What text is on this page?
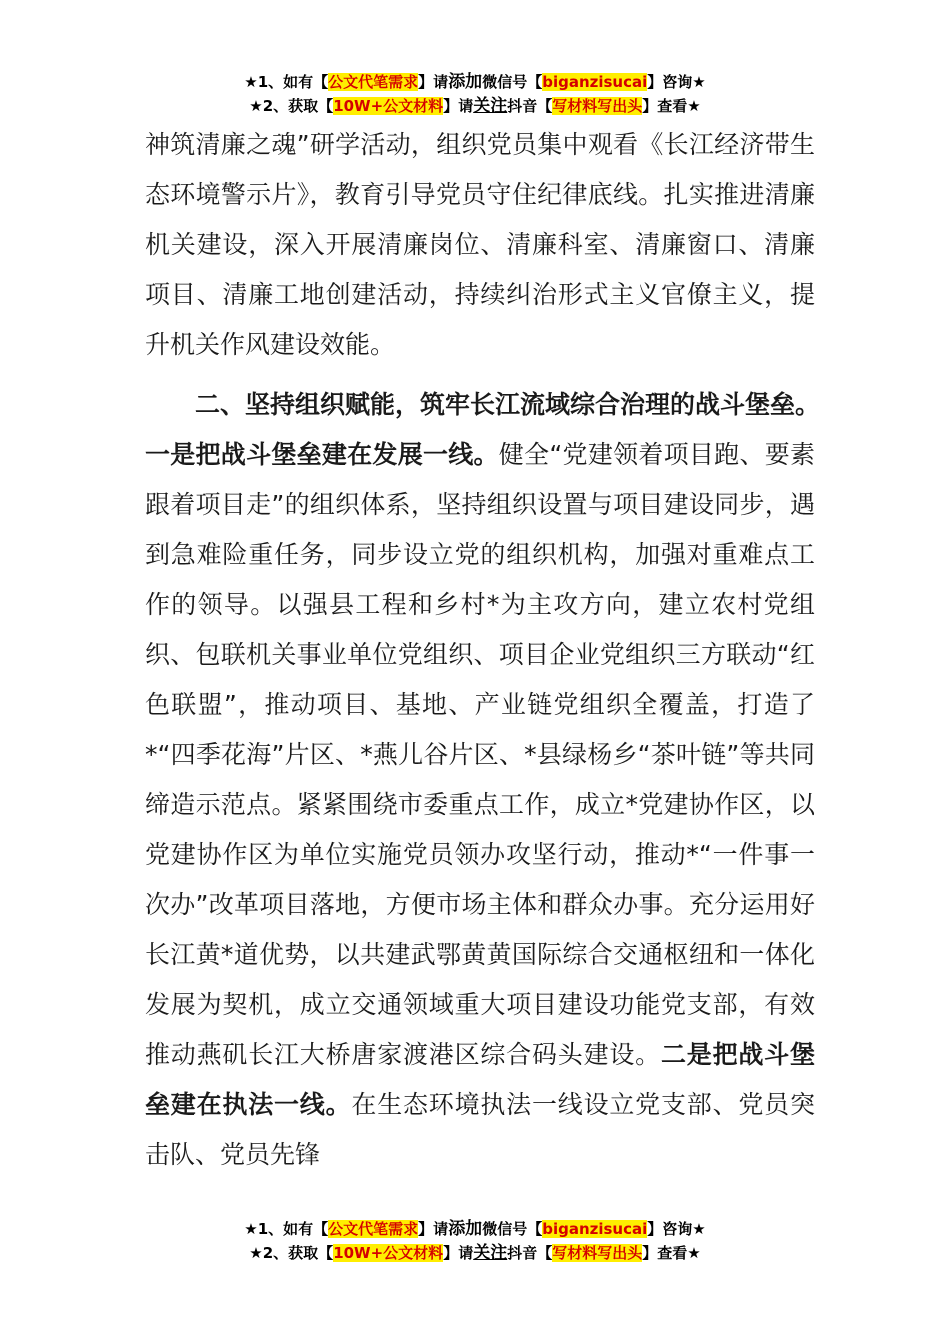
★1、如有【公文代笔需求】请添加微信号【biganzisucai】咨询★
★2、获取【10W+公文材料】请关注抖音【写材料写出头】查看★

神筑清廉之魂”研学活动，组织党员集中观看《长江经济带生态环境警示片》，教育引导党员守住纪律底线。扎实推进清廉机关建设，深入开展清廉岗位、清廉科室、清廉窗口、清廉项目、清廉工地创建活动，持续纠治形式主义官僚主义，提升机关作风建设效能。

二、坚持组织赋能，筑牢长江流域综合治理的战斗堡垒。一是把战斗堡垒建在发展一线。健全“党建领着项目跑、要素跟着项目走”的组织体系，坚持组织设置与项目建设同步，遇到急难险重任务，同步设立党的组织机构，加强对重难点工作的领导。以强县工程和乡村*为主攻方向，建立农村党组织、包联机关事业单位党组织、项目企业党组织三方联动“红色联盟”，推动项目、基地、产业链党组织全覆盖，打造了*“四季花海”片区、*燕儿谷片区、*县绿杨乡“茶叶链”等共同缔造示范点。紧紧围绕市委重点工作，成立*党建协作区，以党建协作区为单位实施党员领办攻坚行动，推动*“一件事一次办”改革项目落地，方便市场主体和群众办事。充分运用好长江黄*道优势，以共建武鄂黄黄国际综合交通枢纽和一体化发展为契机，成立交通领域重大项目建设功能党支部，有效推动燕矶长江大桥唐家渡港区综合码头建设。二是把战斗堡垒建在执法一线。在生态环境执法一线设立党支部、党员突击队、党员先锋

★1、如有【公文代笔需求】请添加微信号【biganzisucai】咨询★
★2、获取【10W+公文材料】请关注抖音【写材料写出头】查看★
